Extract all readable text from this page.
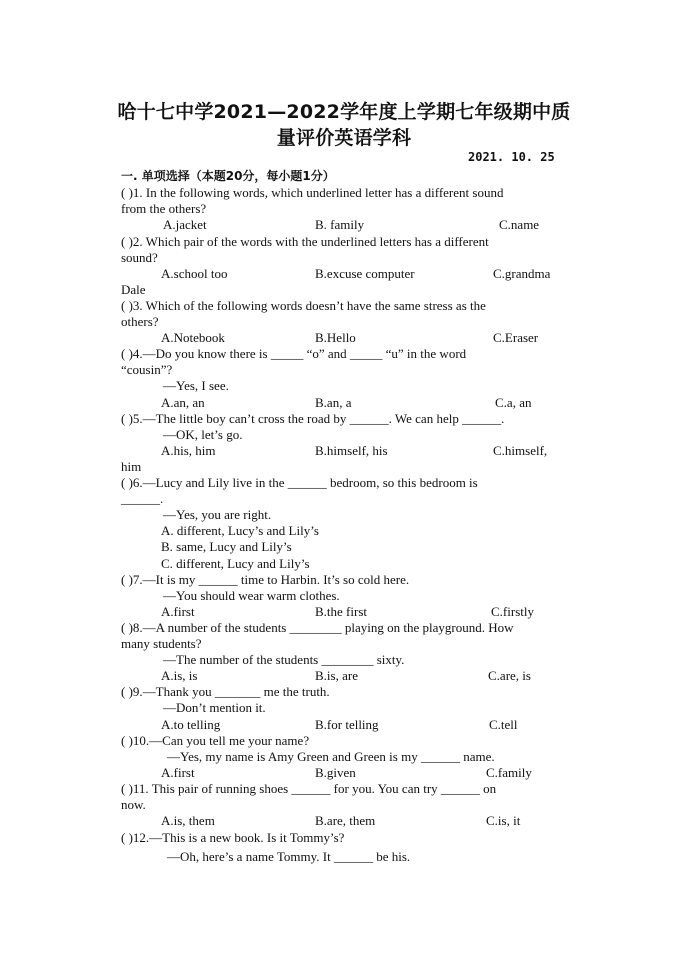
哈十七中学2021—2022学年度上学期七年级期中质
量评价英语学科
2021. 10. 25
一. 单项选择（本题20分，每小题1分）
( )1. In the following words, which underlined letter has a different sound
from the others?
A.jacket	B. family	C.name
( )2. Which pair of the words with the underlined letters has a different
sound?
A.school too	B.excuse computer	C.grandma
Dale
( )3. Which of the following words doesn’t have the same stress as the
others?
A.Notebook	B.Hello	C.Eraser
( )4.—Do you know there is _____ “o” and _____ “u” in the word
“cousin”?
—Yes, I see.
A.an, an	B.an, a	C.a, an
( )5.—The little boy can’t cross the road by ______. We can help ______.
—OK, let’s go.
A.his, him	B.himself, his	C.himself,
him
( )6.—Lucy and Lily live in the ______ bedroom, so this bedroom is
______.
—Yes, you are right.
A. different, Lucy’s and Lily’s
B. same, Lucy and Lily’s
C. different, Lucy and Lily’s
( )7.—It is my ______ time to Harbin. It’s so cold here.
—You should wear warm clothes.
A.first	B.the first	C.firstly
( )8.—A number of the students ________ playing on the playground. How
many students?
—The number of the students ________ sixty.
A.is, is	B.is, are	C.are, is
( )9.—Thank you _______ me the truth.
—Don’t mention it.
A.to telling	B.for telling	C.tell
( )10.—Can you tell me your name?
—Yes, my name is Amy Green and Green is my ______ name.
A.first	B.given	C.family
( )11. This pair of running shoes ______ for you. You can try ______ on
now.
A.is, them	B.are, them	C.is, it
( )12.—This is a new book. Is it Tommy’s?
—Oh, here’s a name Tommy. It ______ be his.
